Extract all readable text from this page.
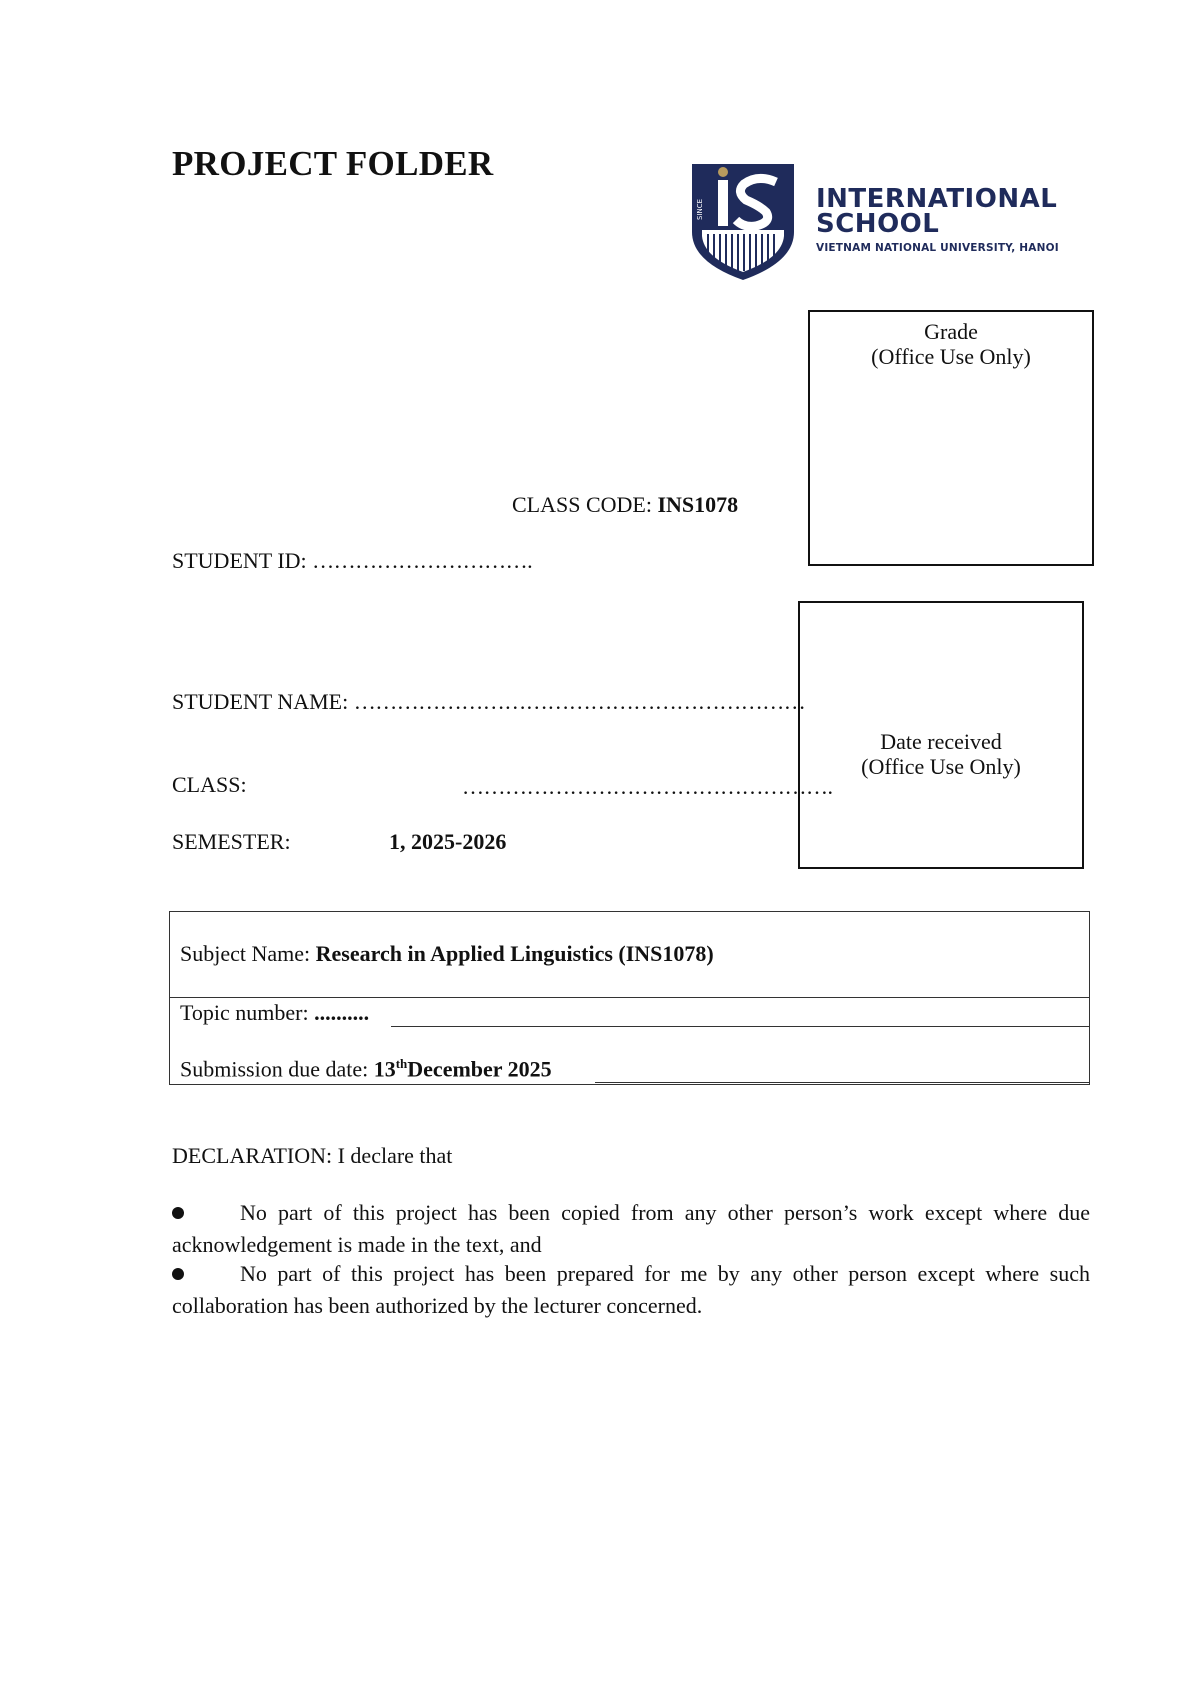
PROJECT FOLDER
SINCE	INTERNATIONAL
SCHOOL
VIETNAM NATIONAL UNIVERSITY, HANOI
Grade
(Office Use Only)
CLASS CODE: INS1078
STUDENT ID: ………………………….
Date received
(Office Use Only)
STUDENT NAME: ………………………………………………………
CLASS:	…………………………………………….
SEMESTER:	1, 2025-2026
Subject Name: Research in Applied Linguistics (INS1078)
Topic number: ..........
Submission due date: 13thDecember 2025
DECLARATION: I declare that
No part of this project has been copied from any other person’s work except where due acknowledgement is made in the text, and
No part of this project has been prepared for me by any other person except where such collaboration has been authorized by the lecturer concerned.
